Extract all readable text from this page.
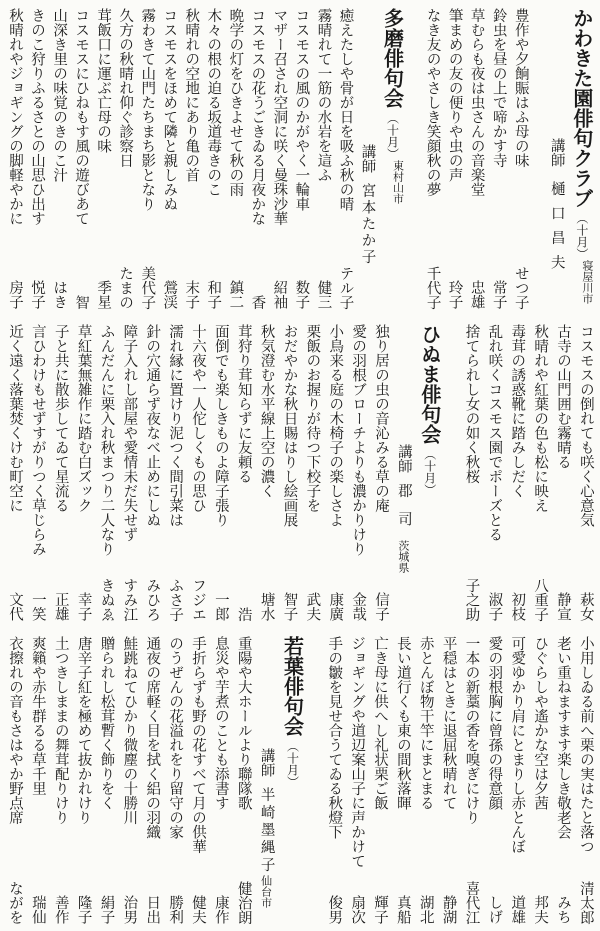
かわきた園俳句クラブ
（十月）
寝屋川市
講師
樋口昌夫
豊作や夕餉賑はふ母の味
せつ子
鈴虫を昼の上で啼かす寺
常子
草むらも夜は虫さんの音楽堂
忠雄
筆まめの友の便りや虫の声
玲子
なき友のやさしき笑顔秋の夢
千代子
多磨俳句会
（十月）
東村山市
講師
宮本たか子
癒えたしや骨が日を吸ふ秋の晴
テル子
霧晴れて一筋の水岩を這ふ
健三
コスモスの風のかがやく一輪車
数子
マザー召され空洞に咲く曼珠沙華
紹袖
コスモスの花うごきゐる月夜かな
香
晩学の灯をひきよせて秋の雨
鎮二
木々の根の迫る坂道毒きのこ
和子
秋晴れの空地にあり亀の首
末子
コスモスをほめて隣と親しみぬ
鶯渓
霧わきて山門たちまち影となり
美代子
久方の秋晴れ仰ぐ診察日
たまの
茸飯口に運ぶ亡母の味
季星
コスモスにひねもす風の遊びあて
智
山深き里の味覚のきのこ汁
はき
きのこ狩りふるさとの山思ひ出す
悦子
秋晴れやジョギングの脚軽やかに
房子
コスモスの倒れても咲く心意気
萩女
古寺の山門囲む霧晴る
静宣
秋晴れや紅葉の色も松に映え
八重子
毒茸の誘惑靴に踏みしだく
初枝
乱れ咲くコスモス園でポーズとる
淑子
捨てられし女の如く秋桜
子之助
ひぬま俳句会
（十月）
講師
郡司
茨城県
独り居の虫の音沁みる草の庵
信子
愛の羽根ブローチよりも濃かりけり
金哉
小鳥来る庭の木椅子の楽しさよ
康廣
栗飯のお握りが待つ下校子を
武夫
おだやかな秋日賜はりし絵画展
智子
秋気澄む水平線上空の濃く
塘水
茸狩り茸知らずに友頼る
浩
面倒でも楽しきものよ障子張り
一郎
十六夜や一人佗しくもの思ひ
フジエ
濡れ縁に置けり泥つく間引菜は
ふさ子
針の穴通らず夜なべ止めにしぬ
みひろ
障子入れし部屋や愛情未だ失せず
すみ江
ふんだんに栗入れ秋まつり二人なり
きぬゑ
草紅葉無雑作に踏む白ズック
幸子
子と共に散歩してゐて星流る
正雄
言ひわけもせずすがりつく草じらみ
一笑
近く遠く落葉焚くけむ町空に
文代
小用しゐる前へ栗の実はたと落つ
清太郎
老い重ねますます楽しき敬老会
みち
ひぐらしや遙かな空は夕茜
邦夫
可愛ゆかり肩にとまりし赤とんぼ
道雄
愛の羽根胸に曾孫の得意顔
しげ
一本の新藁の香を嗅ぎにけり
喜代江
平穏はときに退屈秋晴れて
静湖
赤とんぼ物干竿にまとまる
湖北
長い道行くも東の間秋落暉
真船
亡き母に供へし礼状栗ご飯
輝子
ジョギングや道辺案山子に声かけて
扇次
手の皺を見せ合うてゐる秋燈下
俊男
若葉俳句会
（十月）
講師
半崎墨縄子
仙台市
重陽や大ホールより聯隊歌
健治朗
息災や芋煮のことも添書す
康作
手折らずも野の花すべて月の供華
健夫
のうぜんの花溢れをり留守の家
勝利
通夜の席軽く目を拭く絽の羽織
日出
鮭跳ねてひかり微塵の十勝川
治男
贈られし松茸暫く飾りをく
絹子
唐辛子紅を極めて抜かれけり
隆子
土つきしままの舞茸配りけり
善作
爽籟や赤牛群るる草千里
瑞仙
衣擦れの音もさはやか野点席
ながを
